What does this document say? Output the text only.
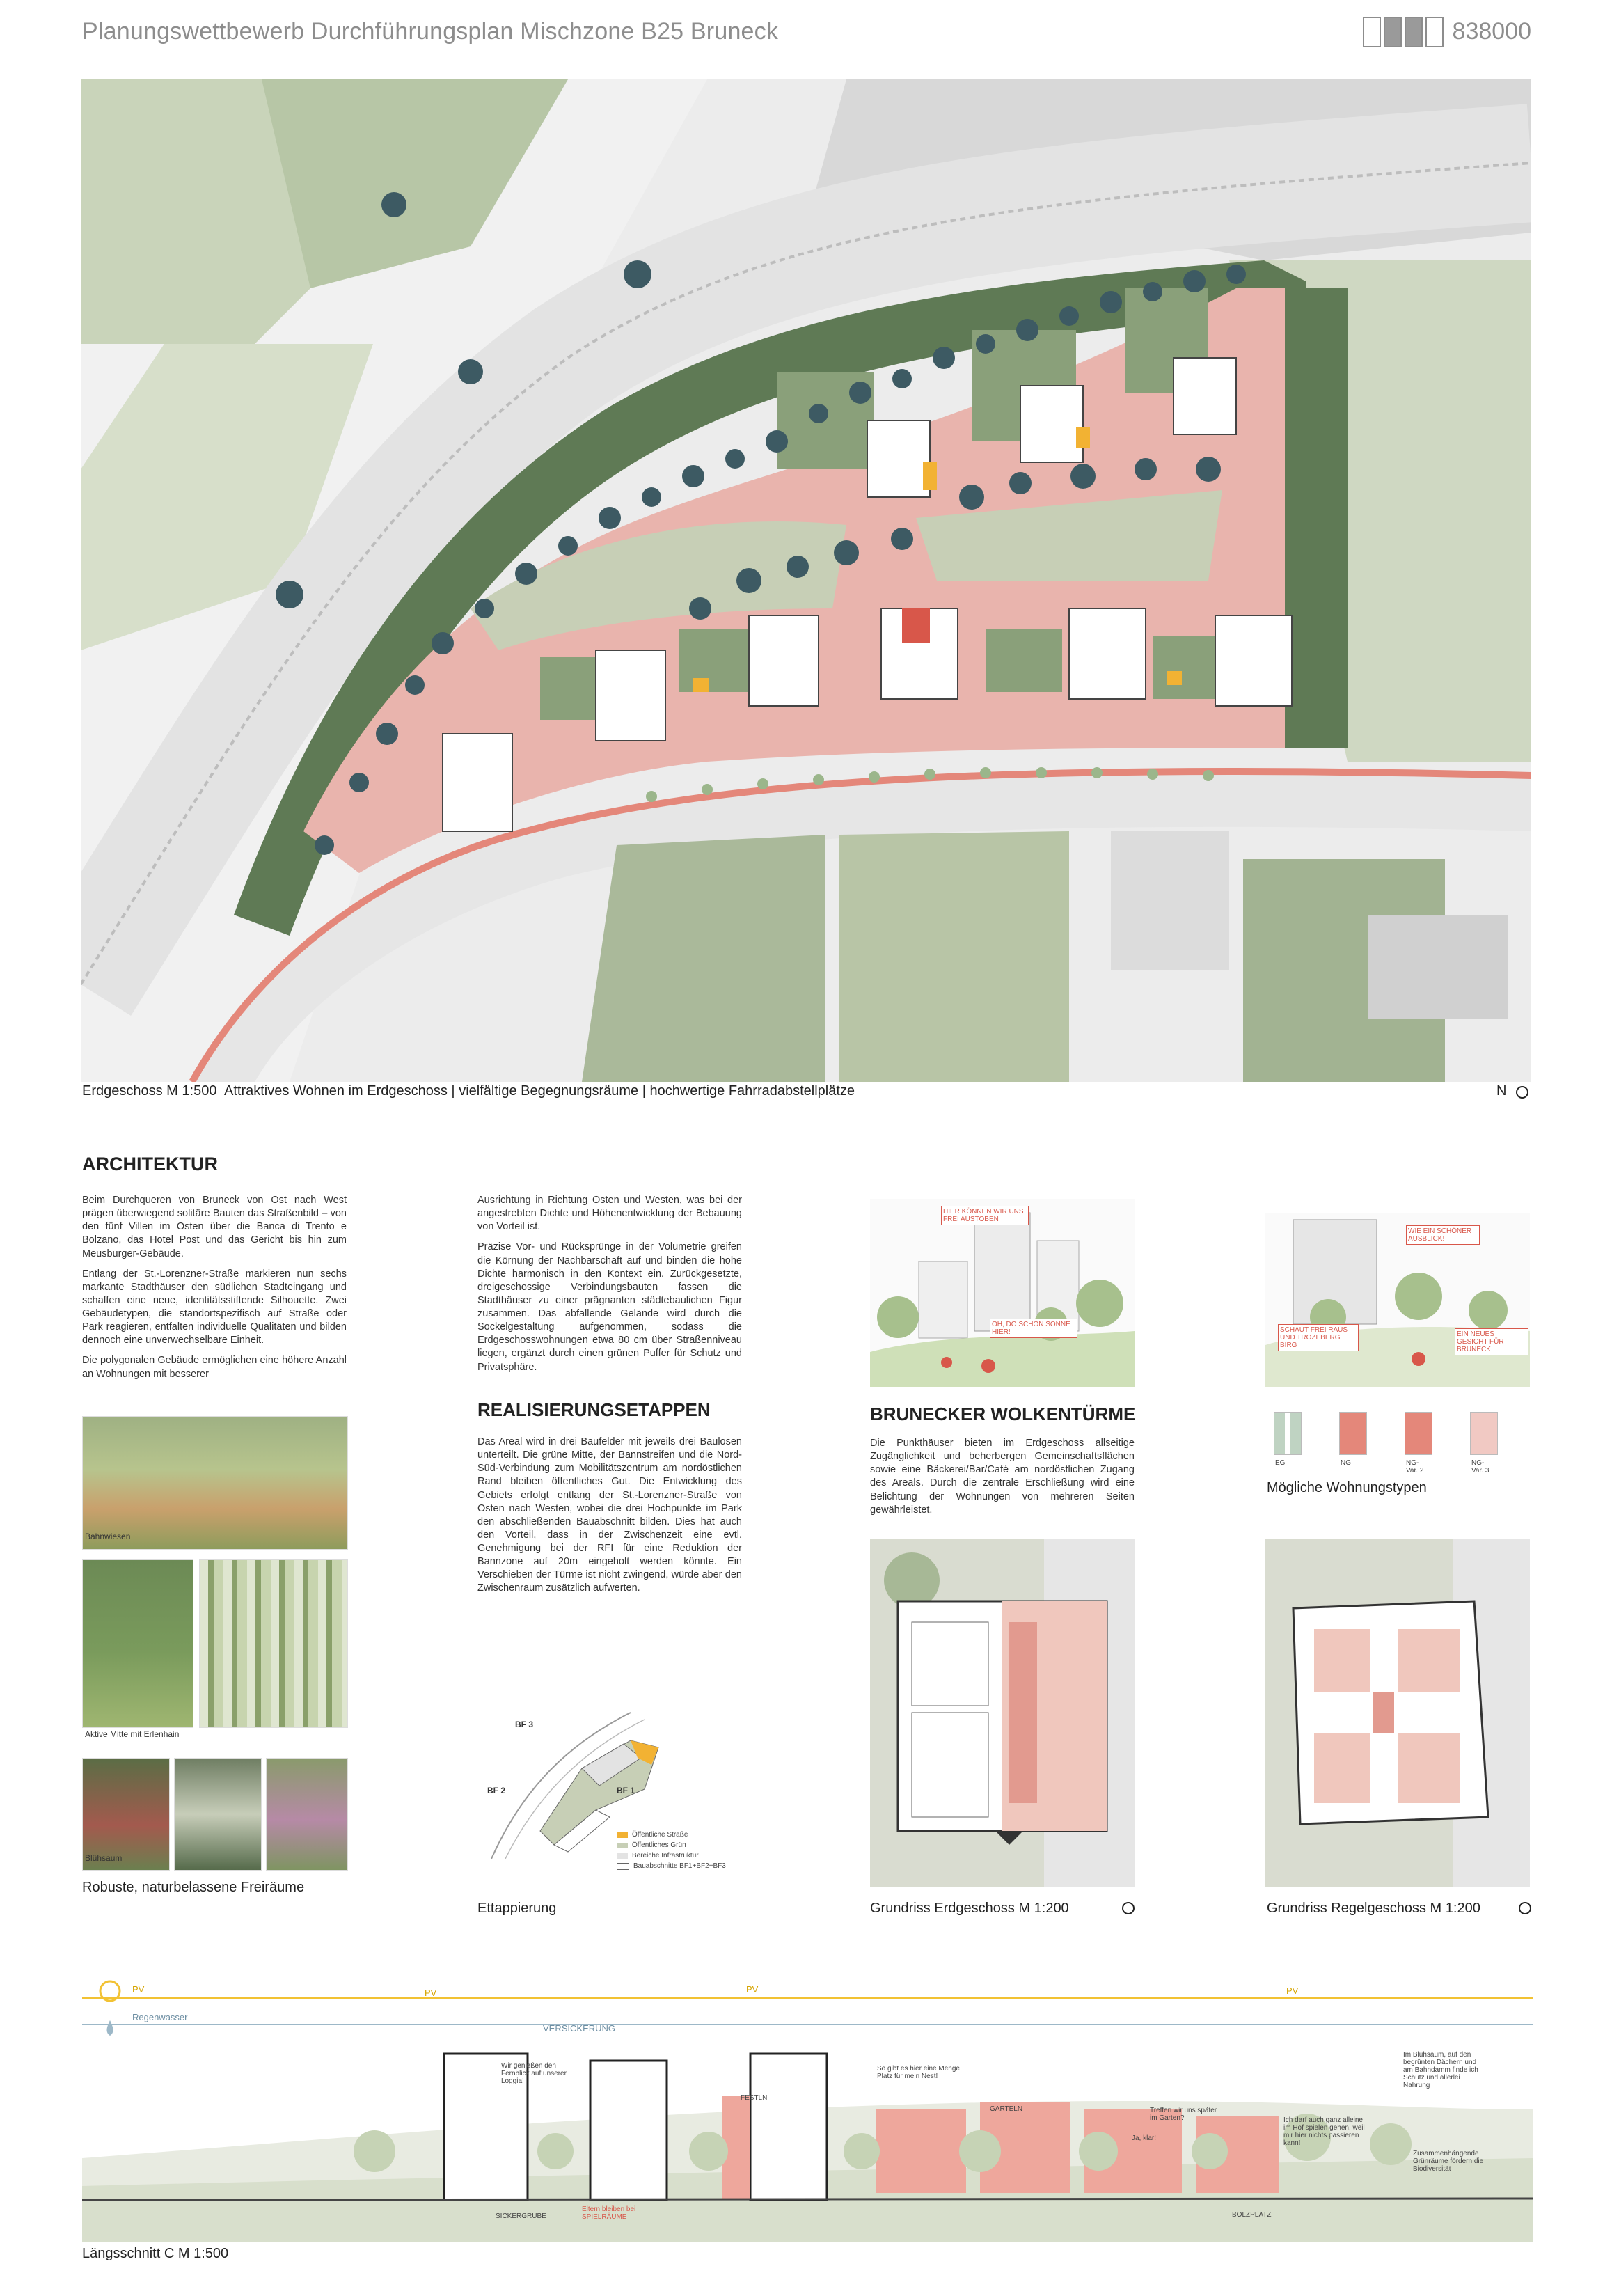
Planungswettbewerb Durchführungsplan Mischzone B25 Bruneck	838000
Erdgeschoss M 1:500 Attraktives Wohnen im Erdgeschoss | vielfältige Begegnungsräume | hochwertige Fahrradabstellplätze	N
ARCHITEKTUR

Beim Durchqueren von Bruneck von Ost nach West prägen überwiegend solitäre Bauten das Straßenbild – von den fünf Villen im Osten über die Banca di Trento e Bolzano, das Hotel Post und das Gericht bis hin zum Meusburger-Gebäude.

Entlang der St.-Lorenzner-Straße markieren nun sechs markante Stadthäuser den südlichen Stadteingang und schaffen eine neue, identitätsstiftende Silhouette. Zwei Gebäudetypen, die standortspezifisch auf Straße oder Park reagieren, entfalten individuelle Qualitäten und bilden dennoch eine unverwechselbare Einheit.

Die polygonalen Gebäude ermöglichen eine höhere Anzahl an Wohnungen mit besserer

Ausrichtung in Richtung Osten und Westen, was bei der angestrebten Dichte und Höhenentwicklung der Bebauung von Vorteil ist.

Präzise Vor- und Rücksprünge in der Volumetrie greifen die Körnung der Nachbarschaft auf und binden die hohe Dichte harmonisch in den Kontext ein. Zurückgesetzte, dreigeschossige Verbindungsbauten fassen die Stadthäuser zu einer prägnanten städtebaulichen Figur zusammen. Das abfallende Gelände wird durch die Sockelgestaltung aufgenommen, sodass die Erdgeschosswohnungen etwa 80 cm über Straßenniveau liegen, ergänzt durch einen grünen Puffer für Schutz und Privatsphäre.

Bahnwiesen
Aktive Mitte mit Erlenhain
Blühsaum
Robuste, naturbelassene Freiräume
REALISIERUNGSETAPPEN
Das Areal wird in drei Baufelder mit jeweils drei Baulosen unterteilt. Die grüne Mitte, der Bannstreifen und die Nord-Süd-Verbindung zum Mobilitätszentrum am nordöstlichen Rand bleiben öffentliches Gut. Die Entwicklung des Gebiets erfolgt entlang der St.-Lorenzner-Straße von Osten nach Westen, wobei die drei Hochpunkte im Park den abschließenden Bauabschnitt bilden. Dies hat auch den Vorteil, dass in der Zwischenzeit eine evtl. Genehmigung bei der RFI für eine Reduktion der Bannzone auf 20m eingeholt werden könnte. Ein Verschieben der Türme ist nicht zwingend, würde aber den Zwischenraum zusätzlich aufwerten.
BF 3
BF 2	BF 1
Öffentliche Straße
Öffentliches Grün
Bereiche Infrastruktur
Bauabschnitte BF1+BF2+BF3
Ettappierung
HIER KÖNNEN WIR UNS FREI AUSTOBEN
OH, DO SCHON SONNE HIER!
WIE EIN SCHÖNER AUSBLICK!
SCHAUT FREI RAUS UND TROZEBERG BIRG
EIN NEUES GESICHT FÜR BRUNECK
BRUNECKER WOLKENTÜRME
Die Punkthäuser bieten im Erdgeschoss allseitige Zugänglichkeit und beherbergen Gemeinschaftsflächen sowie eine Bäckerei/Bar/Café am nordöstlichen Zugang des Areals. Durch die zentrale Erschließung wird eine Belichtung der Wohnungen von mehreren Seiten gewährleistet.
EG	NG	NG-Var. 2
NG-Var. 3
Mögliche Wohnungstypen
Grundriss Erdgeschoss M 1:200	Grundriss Regelgeschoss M 1:200
PV	PV	PV	PV
Regenwasser
VERSICKERUNG
Wir genießen den Fernblick auf unserer Loggia!
So gibt es hier eine Menge Platz für mein Nest!
FESTLN
GARTELN	Treffen wir uns später im Garten?	Ich darf auch ganz alleine im Hof spielen gehen, weil mir hier nichts passieren kann!
Ja, klar!
Im Blühsaum, auf den begrünten Dächern und am Bahndamm finde ich Schutz und allerlei Nahrung
Zusammenhängende Grünräume fördern die Biodiversität
SICKERGRUBE
Eltern bleiben bei SPIELRÄUME	BOLZPLATZ
Längsschnitt C M 1:500
